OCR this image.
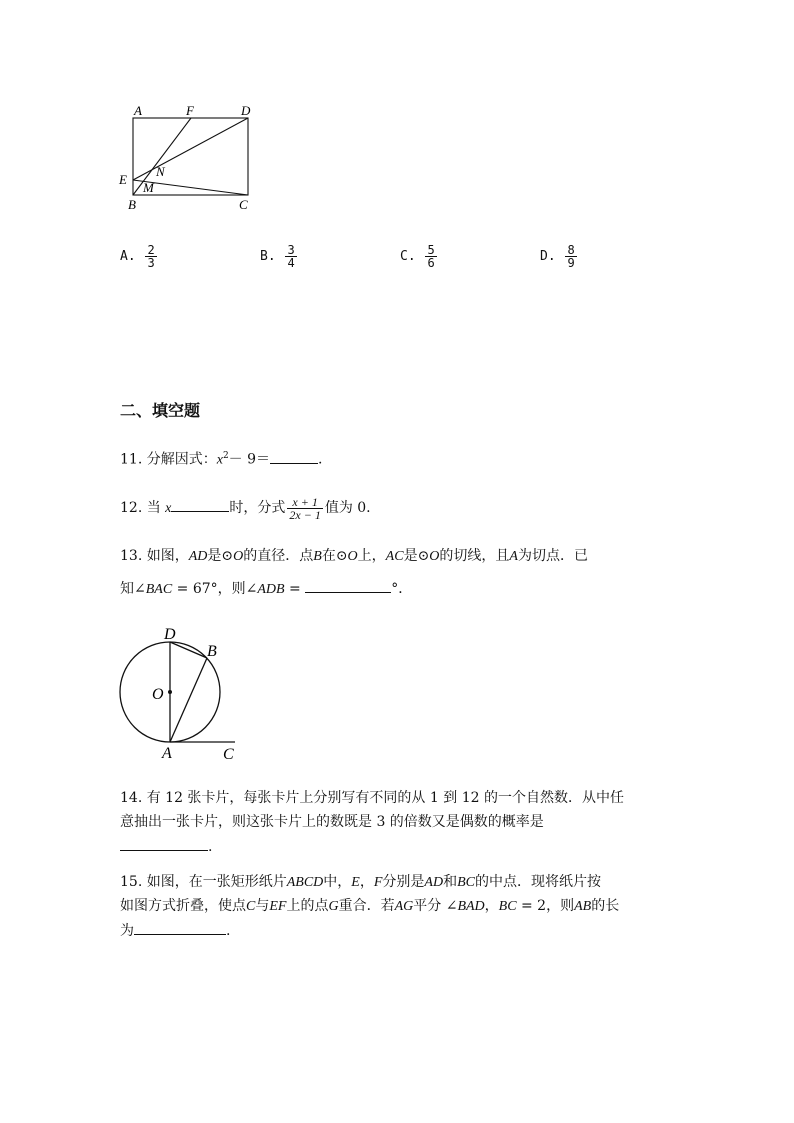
A	F	D
E
N
M
B	C
A. $\frac{2}{3}$	B. $\frac{3}{4}$	C. $\frac{5}{6}$	D. $\frac{8}{9}$
二、填空题
11. 分解因式：$x^2- 9=$	.
12. 当 x	时，分式 $\frac{x + 1}{2x - 1}$ 值为 0.
13. 如图，AD是⊙O的直径．点B在⊙O上，AC是⊙O的切线，且A为切点．已
知∠BAC = 67°，则∠ADB =	°．
D
B
O
A	C
14. 有 12 张卡片，每张卡片上分别写有不同的从 1 到 12 的一个自然数．从中任
意抽出一张卡片，则这张卡片上的数既是 3 的倍数又是偶数的概率是
.
15. 如图，在一张矩形纸片ABCD中，E，F分别是AD和BC的中点．现将纸片按
如图方式折叠，使点C与EF上的点G重合．若AG平分 ∠BAD，BC = 2，则AB的长
为	.
